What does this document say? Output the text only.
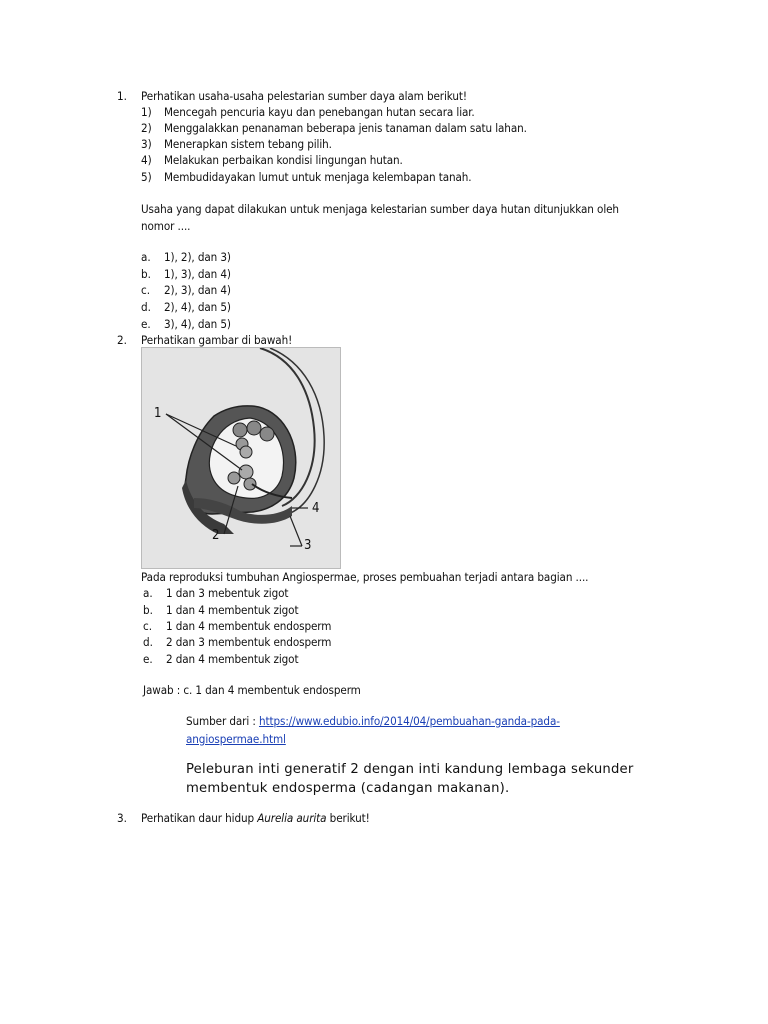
1. Perhatikan usaha-usaha pelestarian sumber daya alam berikut!
1) Mencegah pencuria kayu dan penebangan hutan secara liar.
2) Menggalakkan penanaman beberapa jenis tanaman dalam satu lahan.
3) Menerapkan sistem tebang pilih.
4) Melakukan perbaikan kondisi lingungan hutan.
5) Membudidayakan lumut untuk menjaga kelembapan tanah.
Usaha yang dapat dilakukan untuk menjaga kelestarian sumber daya hutan ditunjukkan oleh
nomor ....
a. 1), 2), dan 3)
b. 1), 3), dan 4)
c. 2), 3), dan 4)
d. 2), 4), dan 5)
e. 3), 4), dan 5)
2. Perhatikan gambar di bawah!
1
2
3
4
Pada reproduksi tumbuhan Angiospermae, proses pembuahan terjadi antara bagian ....
a. 1 dan 3 mebentuk zigot
b. 1 dan 4 membentuk zigot
c. 1 dan 4 membentuk endosperm
d. 2 dan 3 membentuk endosperm
e. 2 dan 4 membentuk zigot
Jawab : c. 1 dan 4 membentuk endosperm
Sumber dari : https://www.edubio.info/2014/04/pembuahan-ganda-pada-
angiospermae.html
Peleburan inti generatif 2 dengan inti kandung lembaga sekunder
membentuk endosperma (cadangan makanan).
3. Perhatikan daur hidup Aurelia aurita berikut!
